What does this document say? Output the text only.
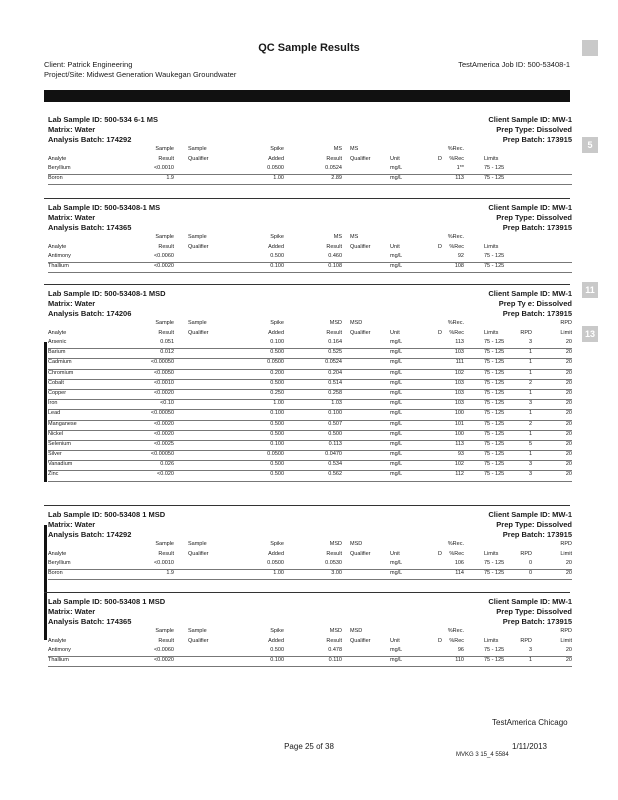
QC Sample Results
Client: Patrick Engineering
Project/Site: Midwest Generation Waukegan Groundwater
TestAmerica Job ID: 500-53408-1
5
11
13
Lab Sample ID: 500-534 6-1 MS	Client Sample ID: MW-1
Matrix: Water	Prep Type: Dissolved
Analysis Batch: 174292	Prep Batch: 173915
Sample	Sample	Spike	MS MS	%Rec.
Analyte	Result	Qualifier	Added	Result Qualifier	Unit	D %Rec	Limits
Beryllium	<0.0010	0.0500	0.0524	mg/L	1**	75 - 125
Boron	1.9	1.00	2.89	mg/L	113	75 - 125
Lab Sample ID: 500-53408-1 MS	Client Sample ID: MW-1
Matrix: Water	Prep Type: Dissolved
Analysis Batch: 174365	Prep Batch: 173915
Sample	Sample	Spike	MS MS	%Rec.
Analyte	Result	Qualifier	Added	Result Qualifier	Unit	D %Rec	Limits
Antimony	<0.0060	0.500	0.460	mg/L	92	75 - 125
Thallium	<0.0020	0.100	0.108	mg/L	108	75 - 125
Lab Sample ID: 500-53408-1 MSD	Client Sample ID: MW-1
Matrix: Water	Prep Ty e: Dissolved
Analysis Batch: 174206	Prep Batch: 173915
Sample	Sample	Spike	MSD MSD	%Rec.	RPD
Analyte	Result	Qualifier	Added	Result Qualifier	Unit	D %Rec	Limits	RPD	Limit
Arsenic	0.051	0.100	0.164	mg/L	113	75 - 125	3	20
Barium	0.012	0.500	0.525	mg/L	103	75 - 125	1	20
Cadmium	<0.00050	0.0500	0.0524	mg/L	111	75 - 125	1	20
Chromium	<0.0050	0.200	0.204	mg/L	102	75 - 125	1	20
Cobalt	<0.0010	0.500	0.514	mg/L	103	75 - 125	2	20
Copper	<0.0020	0.250	0.258	mg/L	103	75 - 125	1	20
Iron	<0.10	1.00	1.03	mg/L	103	75 - 125	3	20
Lead	<0.00050	0.100	0.100	mg/L	100	75 - 125	1	20
Manganese	<0.0020	0.500	0.507	mg/L	101	75 - 125	2	20
Nickel	<0.0020	0.500	0.500	mg/L	100	75 - 125	1	20
Selenium	<0.0025	0.100	0.113	mg/L	113	75 - 125	5	20
Silver	<0.00050	0.0500	0.0470	mg/L	93	75 - 125	1	20
Vanadium	0.026	0.500	0.534	mg/L	102	75 - 125	3	20
Zinc	<0.020	0.500	0.562	mg/L	112	75 - 125	3	20
Lab Sample ID: 500-53408 1 MSD	Client Sample ID: MW-1
Matrix: Water	Prep Type: Dissolved
Analysis Batch: 174292	Prep Batch: 173915
Sample	Sample	Spike	MSD MSD	%Rec.	RPD
Analyte	Result	Qualifier	Added	Result Qualifier	Unit	D %Rec	Limits	RPD	Limit
Beryllium	<0.0010	0.0500	0.0530	mg/L	106	75 - 125	0	20
Boron	1.9	1.00	3.00	mg/L	114	75 - 125	0	20
Lab Sample ID: 500-53408 1 MSD	Client Sample ID: MW-1
Matrix: Water	Prep Type: Dissolved
Analysis Batch: 174365	Prep Batch: 173915
Sample	Sample	Spike	MSD MSD	%Rec.	RPD
Analyte	Result	Qualifier	Added	Result Qualifier	Unit	D %Rec	Limits	RPD	Limit
Antimony	<0.0060	0.500	0.478	mg/L	96	75 - 125	3	20
Thallium	<0.0020	0.100	0.110	mg/L	110	75 - 125	1	20
TestAmerica Chicago
Page 25 of 38	1/11/2013
MVKG 3 15_4 5584
